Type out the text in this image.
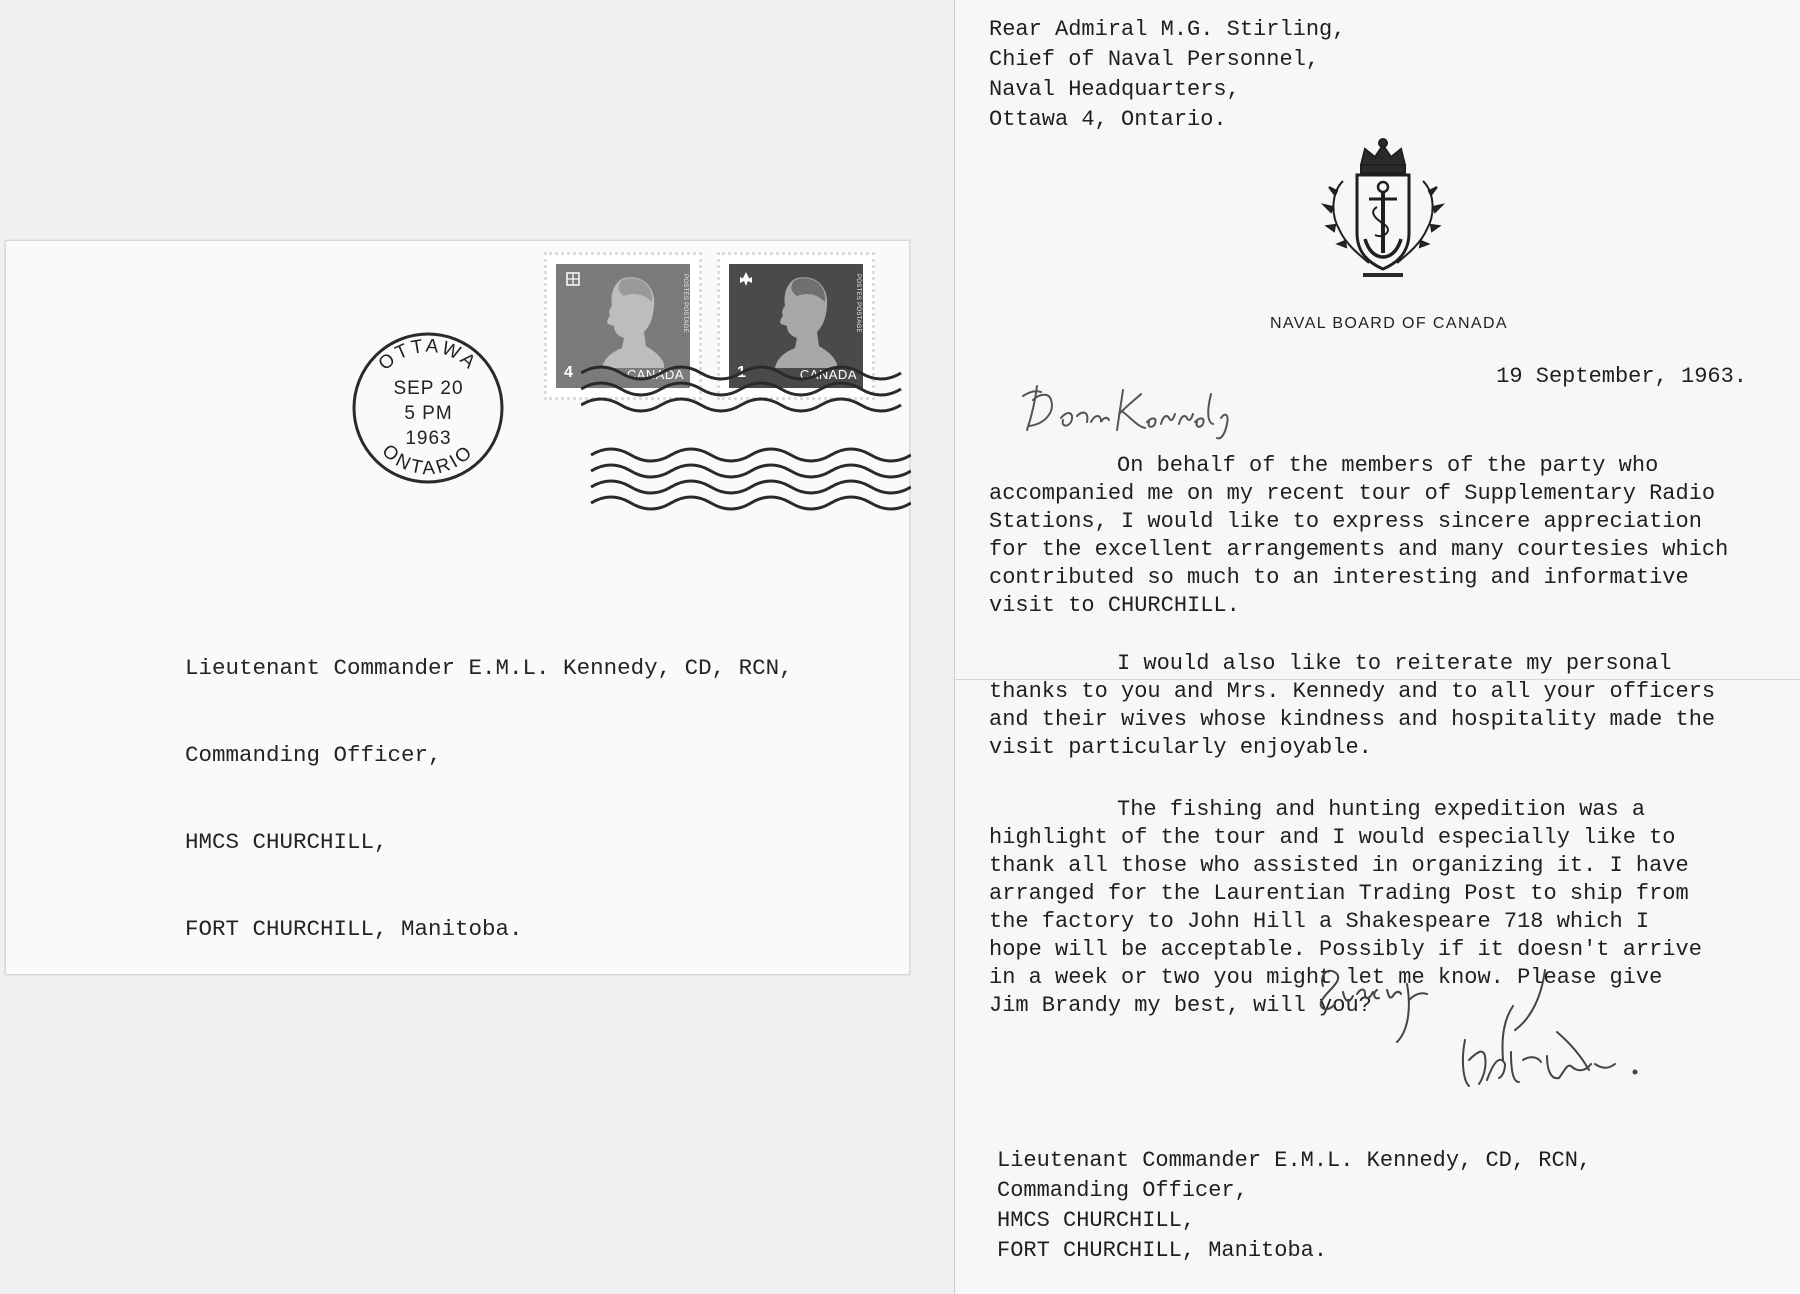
4	CANADA
POSTES POSTAGE
1	CANADA
POSTES POSTAGE
OTTAWA
ONTARIO
SEP 20
5 PM
1963

Lieutenant Commander E.M.L. Kennedy, CD, RCN,

Commanding Officer,

HMCS CHURCHILL,

FORT CHURCHILL, Manitoba.

Rear Admiral M.G. Stirling,
Chief of Naval Personnel,
Naval Headquarters,
Ottawa 4, Ontario.
NAVAL BOARD OF CANADA
19 September, 1963.
On behalf of the members of the party who
accompanied me on my recent tour of Supplementary Radio
Stations, I would like to express sincere appreciation
for the excellent arrangements and many courtesies which
contributed so much to an interesting and informative
visit to CHURCHILL.
I would also like to reiterate my personal
thanks to you and Mrs. Kennedy and to all your officers
and their wives whose kindness and hospitality made the
visit particularly enjoyable.
The fishing and hunting expedition was a
highlight of the tour and I would especially like to
thank all those who assisted in organizing it. I have
arranged for the Laurentian Trading Post to ship from
the factory to John Hill a Shakespeare 718 which I
hope will be acceptable. Possibly if it doesn't arrive
in a week or two you might let me know. Please give
Jim Brandy my best, will you?
Lieutenant Commander E.M.L. Kennedy, CD, RCN,
Commanding Officer,
HMCS CHURCHILL,
FORT CHURCHILL, Manitoba.
